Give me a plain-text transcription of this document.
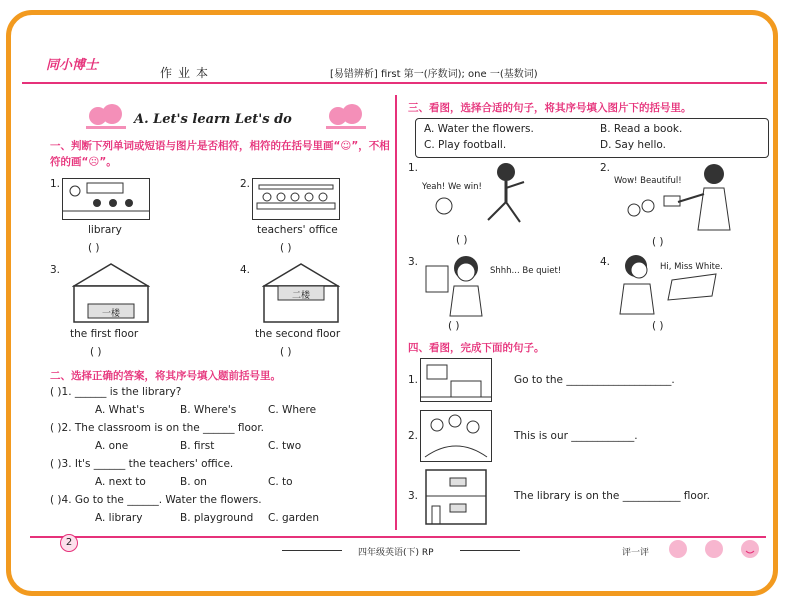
同小博士	作业本	[易错辨析] first 第一(序数词); one 一(基数词)
A. Let's learn Let's do
一、判断下列单词或短语与图片是否相符，相符的在括号里画“☺”，不相符的画“☹”。
1.
library
( )
2.
teachers' office
( )
3.
一楼
the first floor
( )
4.
二楼
the second floor
( )
二、选择正确的答案，将其序号填入题前括号里。
( )1. ______ is the library?
A. What's	B. Where's	C. Where
( )2. The classroom is on the ______ floor.
A. one	B. first	C. two
( )3. It's ______ the teachers' office.
A. next to	B. on	C. to
( )4. Go to the ______. Water the flowers.
A. library	B. playground C. garden
三、看图，选择合适的句子，将其序号填入图片下的括号里。
A. Water the flowers.	B. Read a book.
C. Play football.	D. Say hello.
1.
Yeah! We win!
( )
2.
Wow! Beautiful!
( )
3.
Shhh... Be quiet!
( )
4.	Hi, Miss White.
( )
四、看图，完成下面的句子。
1.	Go to the ____________________.
2.	This is our ____________.
3.	The library is on the ___________ floor.
2
四年级英语(下) RP	评一评
